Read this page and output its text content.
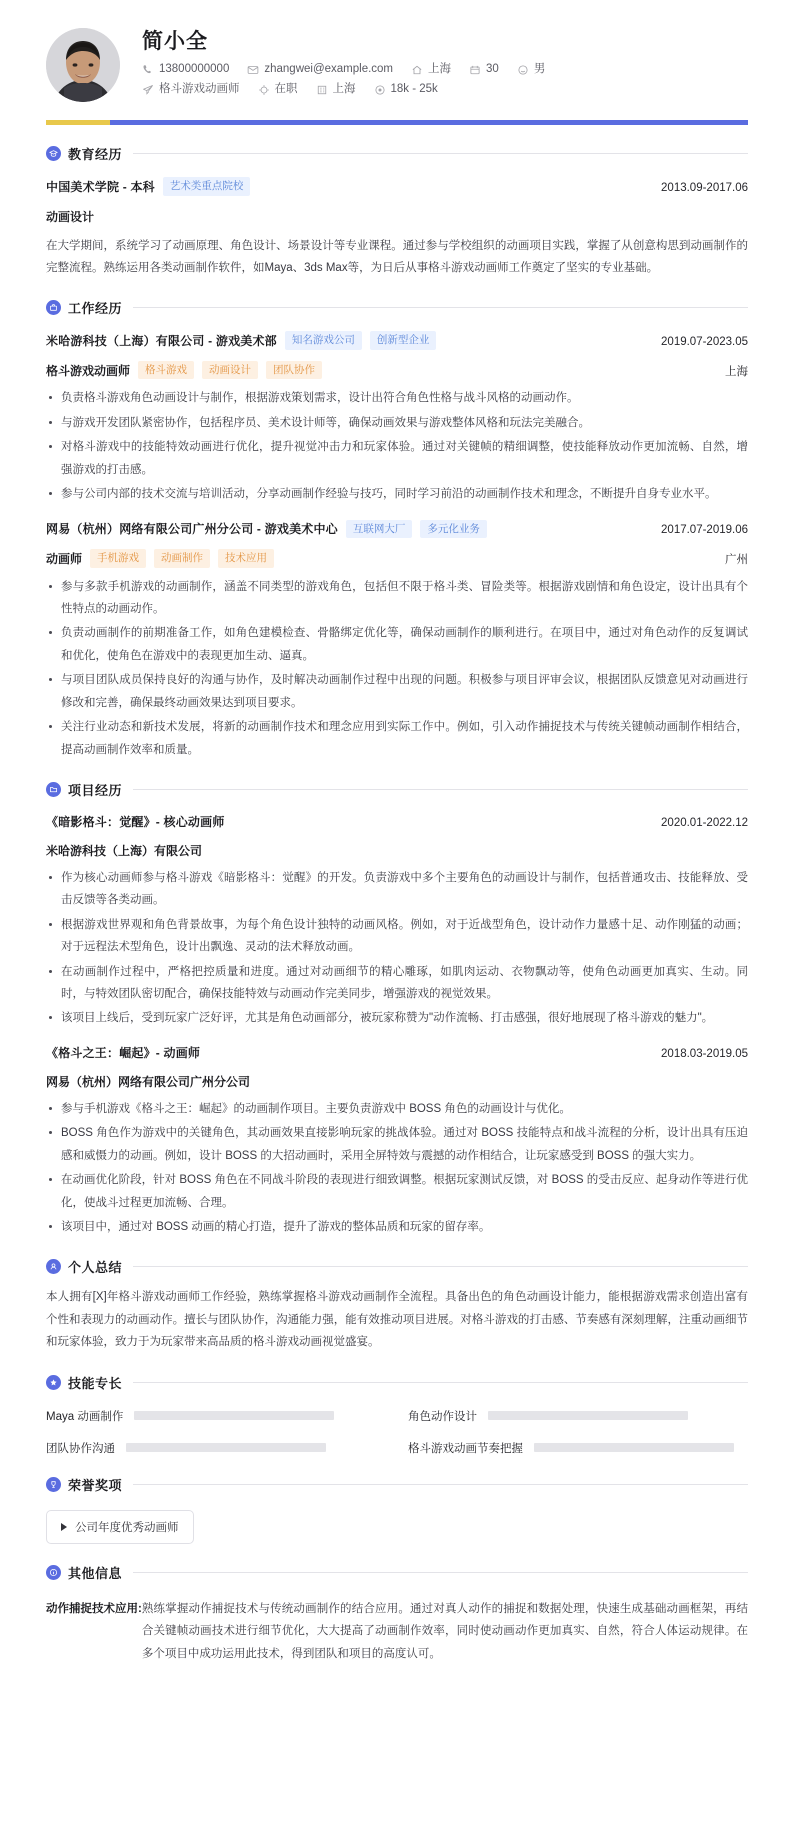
简小全
13800000000	zhangwei@example.com	上海	30	男
格斗游戏动画师	在职	上海	18k - 25k
教育经历
中国美术学院 - 本科	艺术类重点院校	2013.09-2017.06
动画设计
在大学期间，系统学习了动画原理、角色设计、场景设计等专业课程。通过参与学校组织的动画项目实践，掌握了从创意构思到动画制作的完整流程。熟练运用各类动画制作软件，如Maya、3ds Max等，为日后从事格斗游戏动画师工作奠定了坚实的专业基础。
工作经历
米哈游科技（上海）有限公司 - 游戏美术部	知名游戏公司	创新型企业	2019.07-2023.05
格斗游戏动画师	格斗游戏	动画设计	团队协作	上海
负责格斗游戏角色动画设计与制作，根据游戏策划需求，设计出符合角色性格与战斗风格的动画动作。
与游戏开发团队紧密协作，包括程序员、美术设计师等，确保动画效果与游戏整体风格和玩法完美融合。
对格斗游戏中的技能特效动画进行优化，提升视觉冲击力和玩家体验。通过对关键帧的精细调整，使技能释放动作更加流畅、自然，增强游戏的打击感。
参与公司内部的技术交流与培训活动，分享动画制作经验与技巧，同时学习前沿的动画制作技术和理念，不断提升自身专业水平。
网易（杭州）网络有限公司广州分公司 - 游戏美术中心	互联网大厂	多元化业务	2017.07-2019.06
动画师	手机游戏	动画制作	技术应用	广州
参与多款手机游戏的动画制作，涵盖不同类型的游戏角色，包括但不限于格斗类、冒险类等。根据游戏剧情和角色设定，设计出具有个性特点的动画动作。
负责动画制作的前期准备工作，如角色建模检查、骨骼绑定优化等，确保动画制作的顺利进行。在项目中，通过对角色动作的反复调试和优化，使角色在游戏中的表现更加生动、逼真。
与项目团队成员保持良好的沟通与协作，及时解决动画制作过程中出现的问题。积极参与项目评审会议，根据团队反馈意见对动画进行修改和完善，确保最终动画效果达到项目要求。
关注行业动态和新技术发展，将新的动画制作技术和理念应用到实际工作中。例如，引入动作捕捉技术与传统关键帧动画制作相结合，提高动画制作效率和质量。
项目经历
《暗影格斗：觉醒》- 核心动画师	2020.01-2022.12
米哈游科技（上海）有限公司
作为核心动画师参与格斗游戏《暗影格斗：觉醒》的开发。负责游戏中多个主要角色的动画设计与制作，包括普通攻击、技能释放、受击反馈等各类动画。
根据游戏世界观和角色背景故事，为每个角色设计独特的动画风格。例如，对于近战型角色，设计动作力量感十足、动作刚猛的动画；对于远程法术型角色，设计出飘逸、灵动的法术释放动画。
在动画制作过程中，严格把控质量和进度。通过对动画细节的精心雕琢，如肌肉运动、衣物飘动等，使角色动画更加真实、生动。同时，与特效团队密切配合，确保技能特效与动画动作完美同步，增强游戏的视觉效果。
该项目上线后，受到玩家广泛好评，尤其是角色动画部分，被玩家称赞为"动作流畅、打击感强，很好地展现了格斗游戏的魅力"。
《格斗之王：崛起》- 动画师	2018.03-2019.05
网易（杭州）网络有限公司广州分公司
参与手机游戏《格斗之王：崛起》的动画制作项目。主要负责游戏中 BOSS 角色的动画设计与优化。
BOSS 角色作为游戏中的关键角色，其动画效果直接影响玩家的挑战体验。通过对 BOSS 技能特点和战斗流程的分析，设计出具有压迫感和威慑力的动画。例如，设计 BOSS 的大招动画时，采用全屏特效与震撼的动作相结合，让玩家感受到 BOSS 的强大实力。
在动画优化阶段，针对 BOSS 角色在不同战斗阶段的表现进行细致调整。根据玩家测试反馈，对 BOSS 的受击反应、起身动作等进行优化，使战斗过程更加流畅、合理。
该项目中，通过对 BOSS 动画的精心打造，提升了游戏的整体品质和玩家的留存率。
个人总结
本人拥有[X]年格斗游戏动画师工作经验，熟练掌握格斗游戏动画制作全流程。具备出色的角色动画设计能力，能根据游戏需求创造出富有个性和表现力的动画动作。擅长与团队协作，沟通能力强，能有效推动项目进展。对格斗游戏的打击感、节奏感有深刻理解，注重动画细节和玩家体验，致力于为玩家带来高品质的格斗游戏动画视觉盛宴。
技能专长
Maya 动画制作	角色动作设计
团队协作沟通	格斗游戏动画节奏把握
荣誉奖项
公司年度优秀动画师
其他信息
动作捕捉技术应用: 熟练掌握动作捕捉技术与传统动画制作的结合应用。通过对真人动作的捕捉和数据处理，快速生成基础动画框架，再结合关键帧动画技术进行细节优化，大大提高了动画制作效率，同时使动画动作更加真实、自然，符合人体运动规律。在多个项目中成功运用此技术，得到团队和项目的高度认可。
